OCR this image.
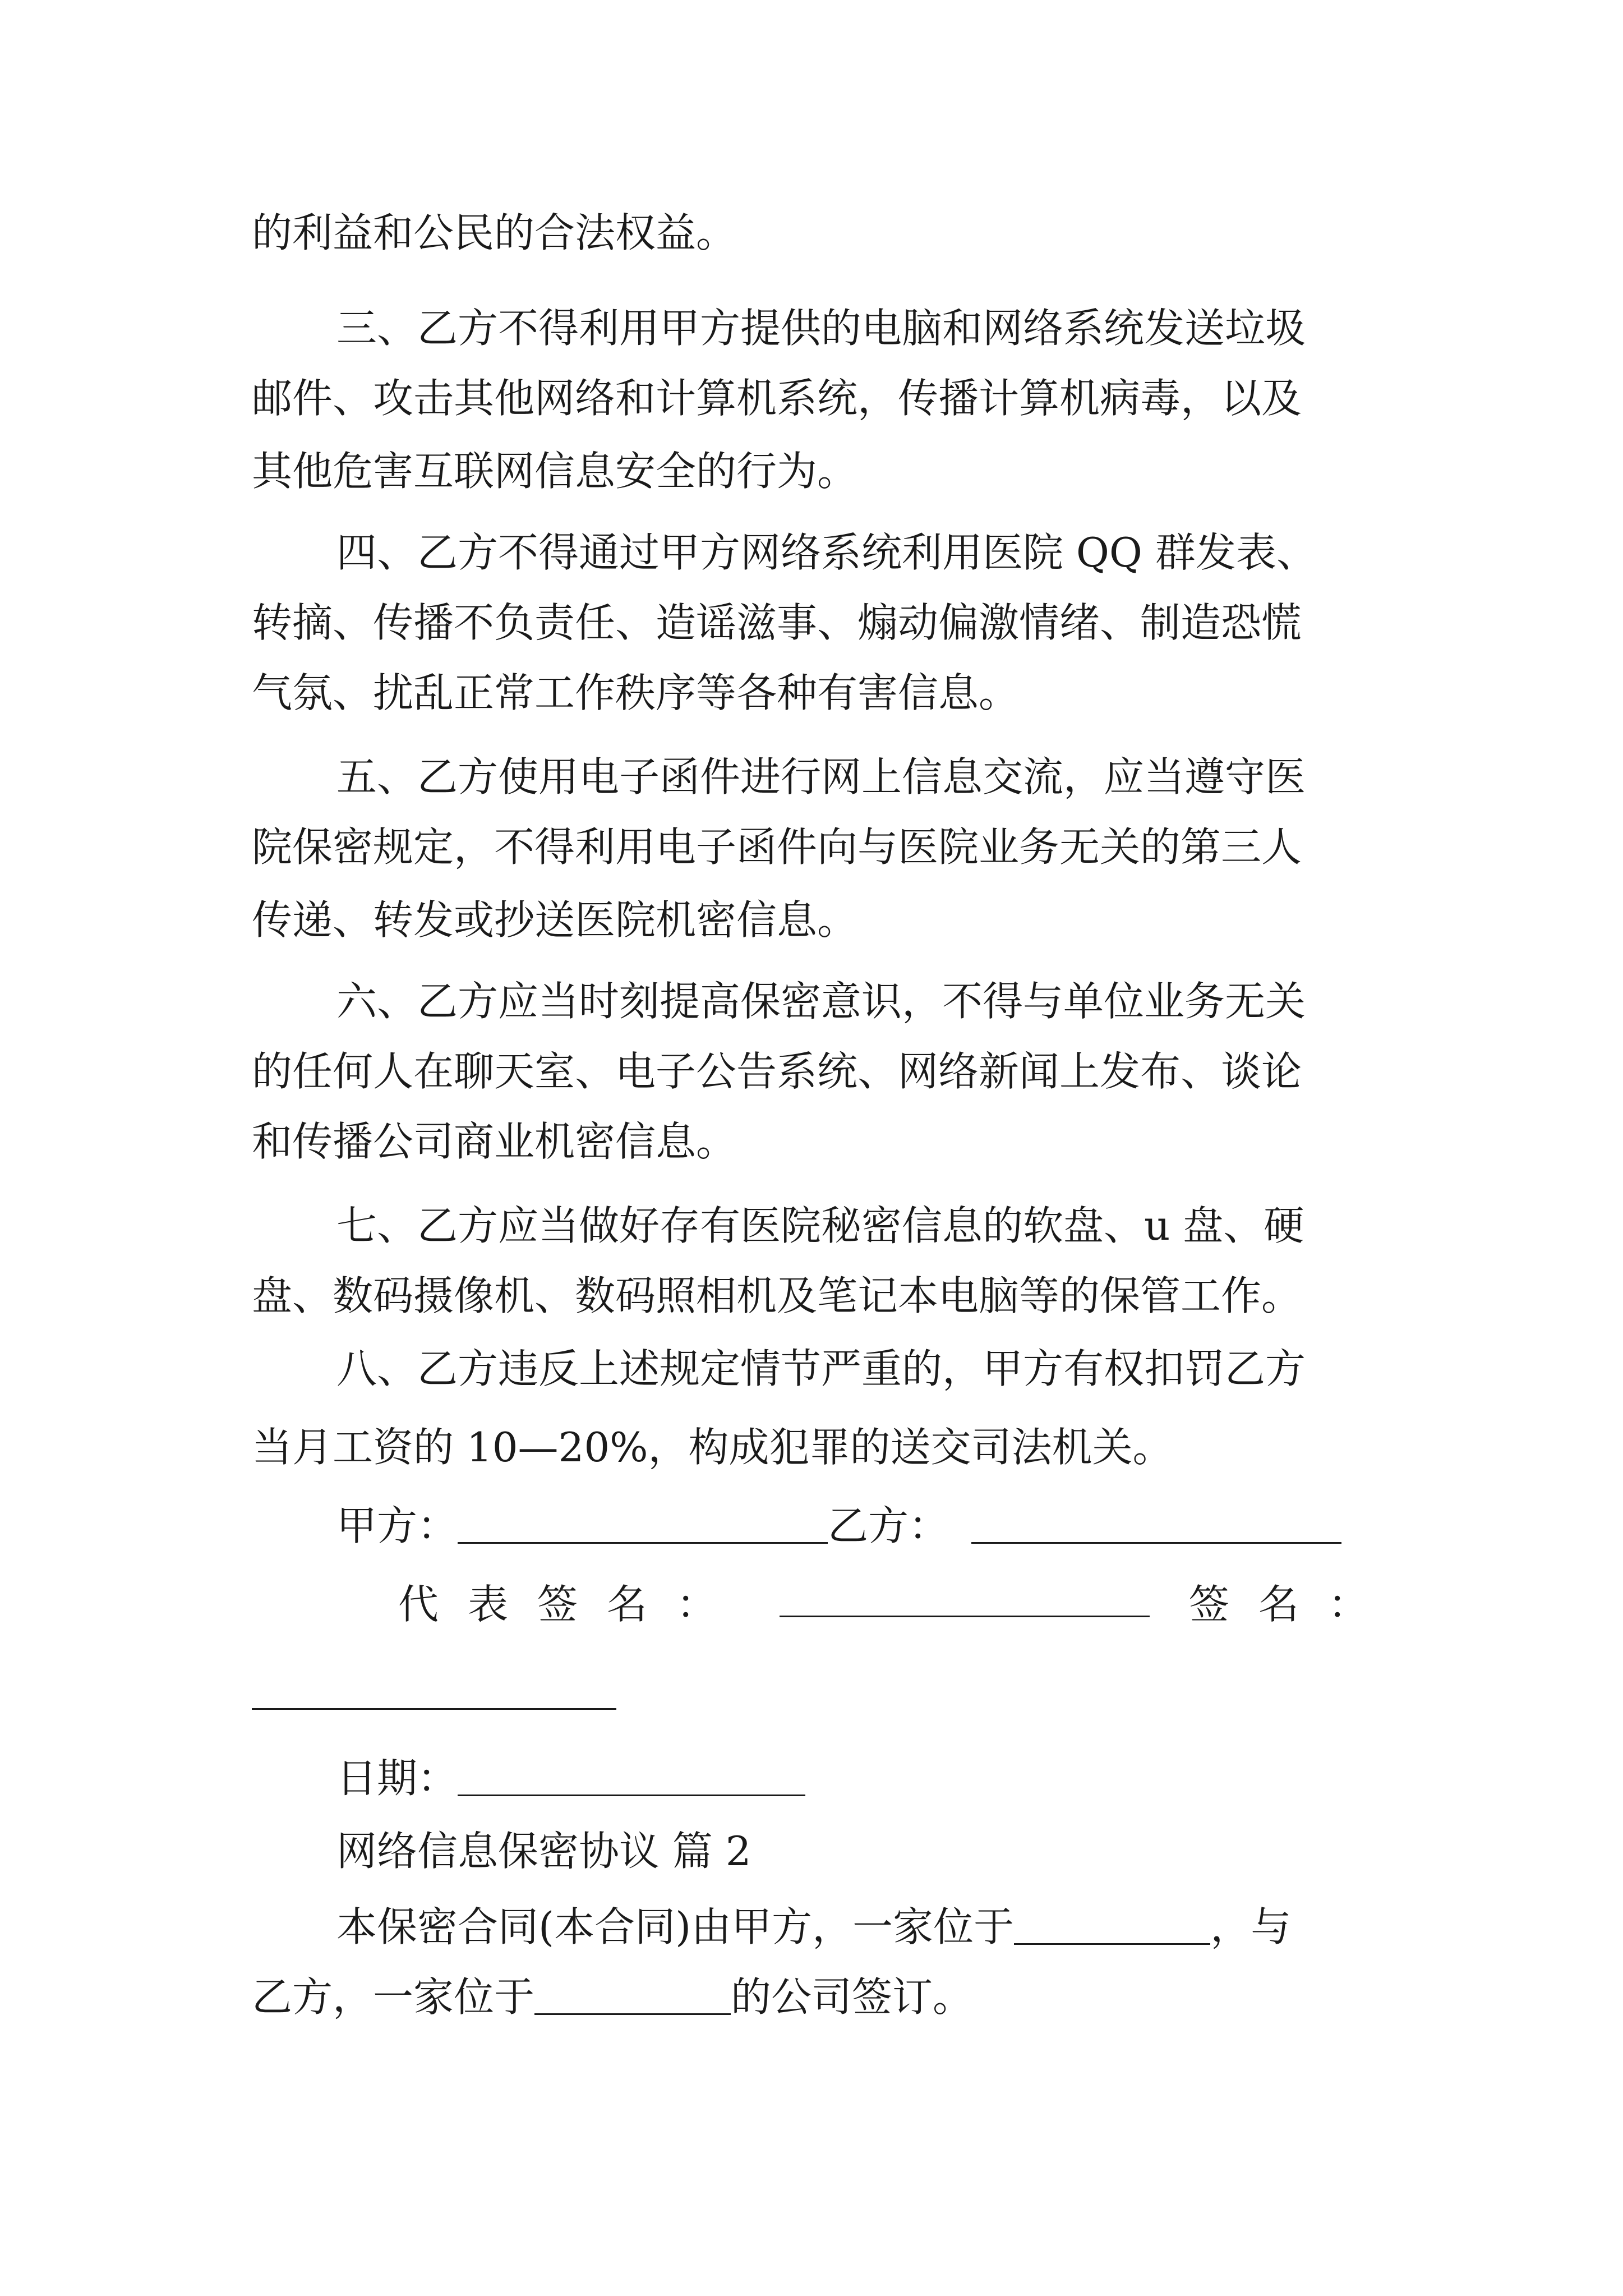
的利益和公民的合法权益。
三、乙方不得利用甲方提供的电脑和网络系统发送垃圾
邮件、攻击其他网络和计算机系统，传播计算机病毒，以及
其他危害互联网信息安全的行为。
四、乙方不得通过甲方网络系统利用医院 QQ 群发表、
转摘、传播不负责任、造谣滋事、煽动偏激情绪、制造恐慌
气氛、扰乱正常工作秩序等各种有害信息。
五、乙方使用电子函件进行网上信息交流，应当遵守医
院保密规定，不得利用电子函件向与医院业务无关的第三人
传递、转发或抄送医院机密信息。
六、乙方应当时刻提高保密意识，不得与单位业务无关
的任何人在聊天室、电子公告系统、网络新闻上发布、谈论
和传播公司商业机密信息。
七、乙方应当做好存有医院秘密信息的软盘、u 盘、硬
盘、数码摄像机、数码照相机及笔记本电脑等的保管工作。
八、乙方违反上述规定情节严重的，甲方有权扣罚乙方
当月工资的 10—20%，构成犯罪的送交司法机关。
甲方：	乙方：
代表签名：	签名：
日期：
网络信息保密协议 篇 2
本保密合同(本合同)由甲方，一家位于	，与
乙方，一家位于	的公司签订。
